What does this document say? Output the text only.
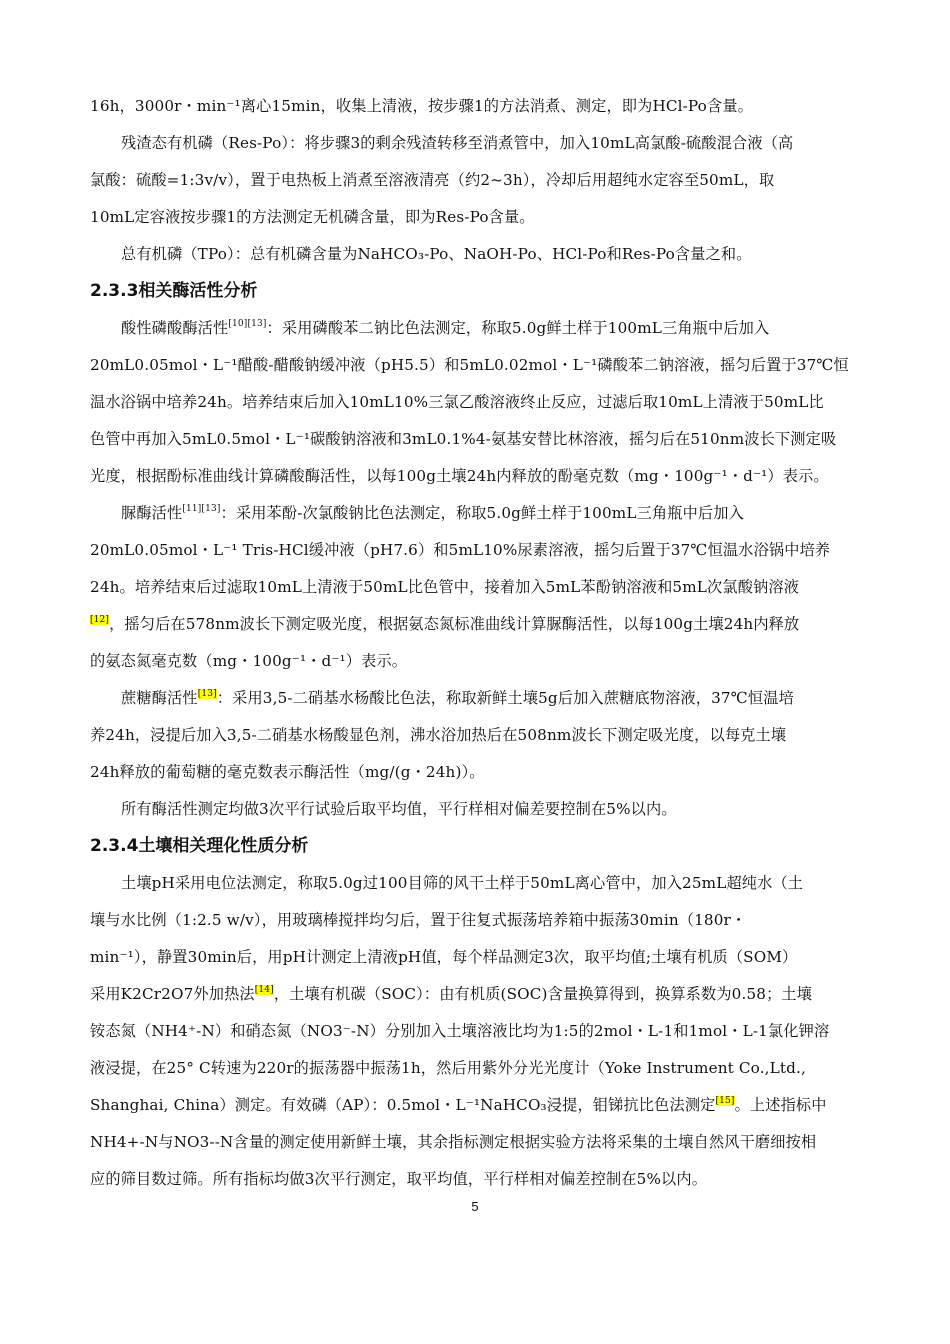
16h，3000r・min⁻¹离心15min，收集上清液，按步骤1的方法消煮、测定，即为HCl-Po含量。
残渣态有机磷（Res-Po）：将步骤3的剩余残渣转移至消煮管中，加入10mL高氯酸-硫酸混合液（高
氯酸：硫酸=1:3v/v），置于电热板上消煮至溶液清亮（约2~3h），冷却后用超纯水定容至50mL，取
10mL定容液按步骤1的方法测定无机磷含量，即为Res-Po含量。
总有机磷（TPo）：总有机磷含量为NaHCO₃-Po、NaOH-Po、HCl-Po和Res-Po含量之和。
2.3.3相关酶活性分析
酸性磷酸酶活性[10][13]：采用磷酸苯二钠比色法测定，称取5.0g鲜土样于100mL三角瓶中后加入
20mL0.05mol・L⁻¹醋酸-醋酸钠缓冲液（pH5.5）和5mL0.02mol・L⁻¹磷酸苯二钠溶液，摇匀后置于37℃恒
温水浴锅中培养24h。培养结束后加入10mL10%三氯乙酸溶液终止反应，过滤后取10mL上清液于50mL比
色管中再加入5mL0.5mol・L⁻¹碳酸钠溶液和3mL0.1%4-氨基安替比林溶液，摇匀后在510nm波长下测定吸
光度，根据酚标准曲线计算磷酸酶活性，以每100g土壤24h内释放的酚毫克数（mg・100g⁻¹・d⁻¹）表示。
脲酶活性[11][13]：采用苯酚-次氯酸钠比色法测定，称取5.0g鲜土样于100mL三角瓶中后加入
20mL0.05mol・L⁻¹ Tris-HCl缓冲液（pH7.6）和5mL10%尿素溶液，摇匀后置于37℃恒温水浴锅中培养
24h。培养结束后过滤取10mL上清液于50mL比色管中，接着加入5mL苯酚钠溶液和5mL次氯酸钠溶液
[12]，摇匀后在578nm波长下测定吸光度，根据氨态氮标准曲线计算脲酶活性，以每100g土壤24h内释放
的氨态氮毫克数（mg・100g⁻¹・d⁻¹）表示。
蔗糖酶活性[13]：采用3,5-二硝基水杨酸比色法，称取新鲜土壤5g后加入蔗糖底物溶液，37℃恒温培
养24h，浸提后加入3,5-二硝基水杨酸显色剂，沸水浴加热后在508nm波长下测定吸光度，以每克土壤
24h释放的葡萄糖的毫克数表示酶活性（mg/(g・24h)）。
所有酶活性测定均做3次平行试验后取平均值，平行样相对偏差要控制在5%以内。
2.3.4土壤相关理化性质分析
土壤pH采用电位法测定，称取5.0g过100目筛的风干土样于50mL离心管中，加入25mL超纯水（土
壤与水比例（1:2.5 w/v），用玻璃棒搅拌均匀后，置于往复式振荡培养箱中振荡30min（180r・
min⁻¹），静置30min后，用pH计测定上清液pH值，每个样品测定3次，取平均值;土壤有机质（SOM）
采用K2Cr2O7外加热法[14]，土壤有机碳（SOC）：由有机质(SOC)含量换算得到，换算系数为0.58；土壤
铵态氮（NH4⁺-N）和硝态氮（NO3⁻-N）分别加入土壤溶液比均为1:5的2mol・L-1和1mol・L-1氯化钾溶
液浸提，在25° C转速为220r的振荡器中振荡1h，然后用紫外分光光度计（Yoke Instrument Co.,Ltd.,
Shanghai, China）测定。有效磷（AP）：0.5mol・L⁻¹NaHCO₃浸提，钼锑抗比色法测定[15]。上述指标中
NH4+-N与NO3--N含量的测定使用新鲜土壤，其余指标测定根据实验方法将采集的土壤自然风干磨细按相
应的筛目数过筛。所有指标均做3次平行测定，取平均值，平行样相对偏差控制在5%以内。
5
